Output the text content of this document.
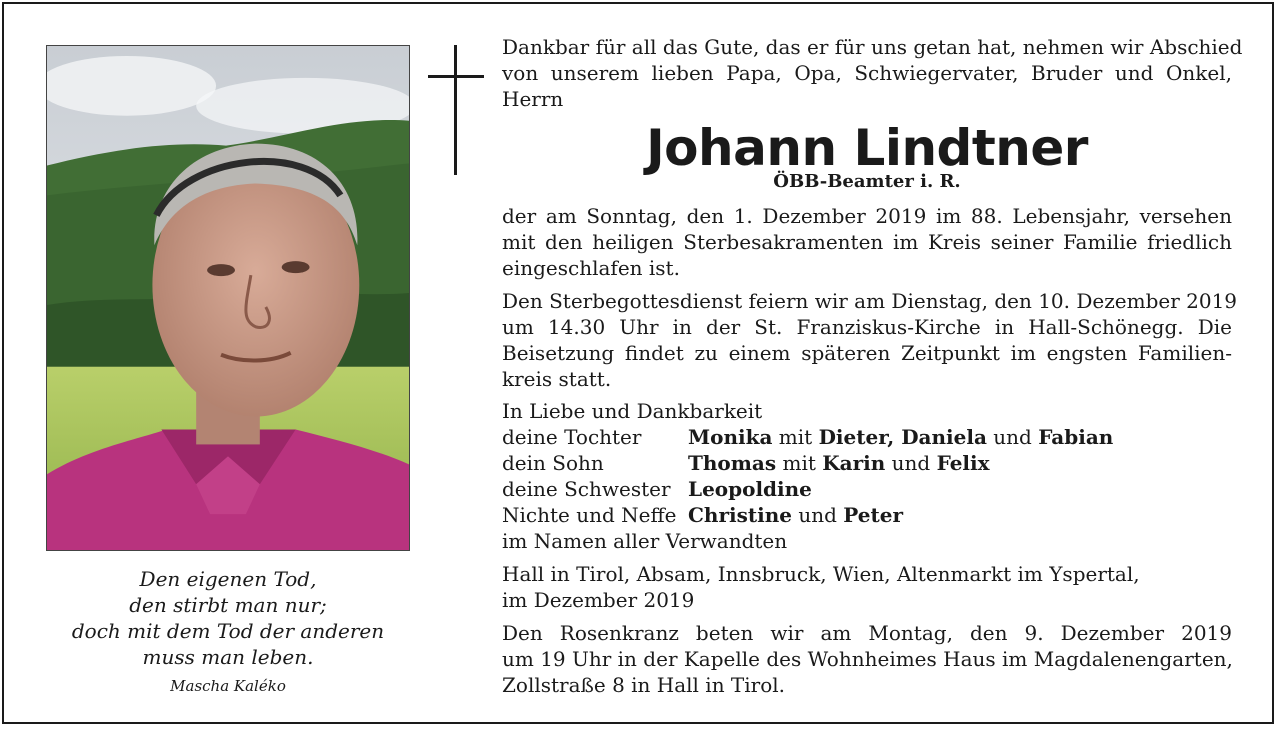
Den eigenen Tod,
den stirbt man nur;
doch mit dem Tod der anderen
muss man leben.
Mascha Kaléko
Dankbar für all das Gute, das er für uns getan hat, nehmen wir Abschied
von unserem lieben Papa, Opa, Schwiegervater, Bruder und Onkel,
Herrn
Johann Lindtner
ÖBB-Beamter i. R.
der am Sonntag, den 1. Dezember 2019 im 88. Lebensjahr, versehen
mit den heiligen Sterbesakramenten im Kreis seiner Familie friedlich
eingeschlafen ist.
Den Sterbegottesdienst feiern wir am Dienstag, den 10. Dezember 2019
um 14.30 Uhr in der St. Franziskus-Kirche in Hall-Schönegg. Die
Beisetzung findet zu einem späteren Zeitpunkt im engsten Familien-
kreis statt.
In Liebe und Dankbarkeit
deine Tochter	Monika mit Dieter, Daniela und Fabian
dein Sohn	Thomas mit Karin und Felix
deine Schwester Leopoldine
Nichte und Neffe Christine und Peter
im Namen aller Verwandten
Hall in Tirol, Absam, Innsbruck, Wien, Altenmarkt im Yspertal,
im Dezember 2019
Den Rosenkranz beten wir am Montag, den 9. Dezember 2019
um 19 Uhr in der Kapelle des Wohnheimes Haus im Magdalenengarten,
Zollstraße 8 in Hall in Tirol.
